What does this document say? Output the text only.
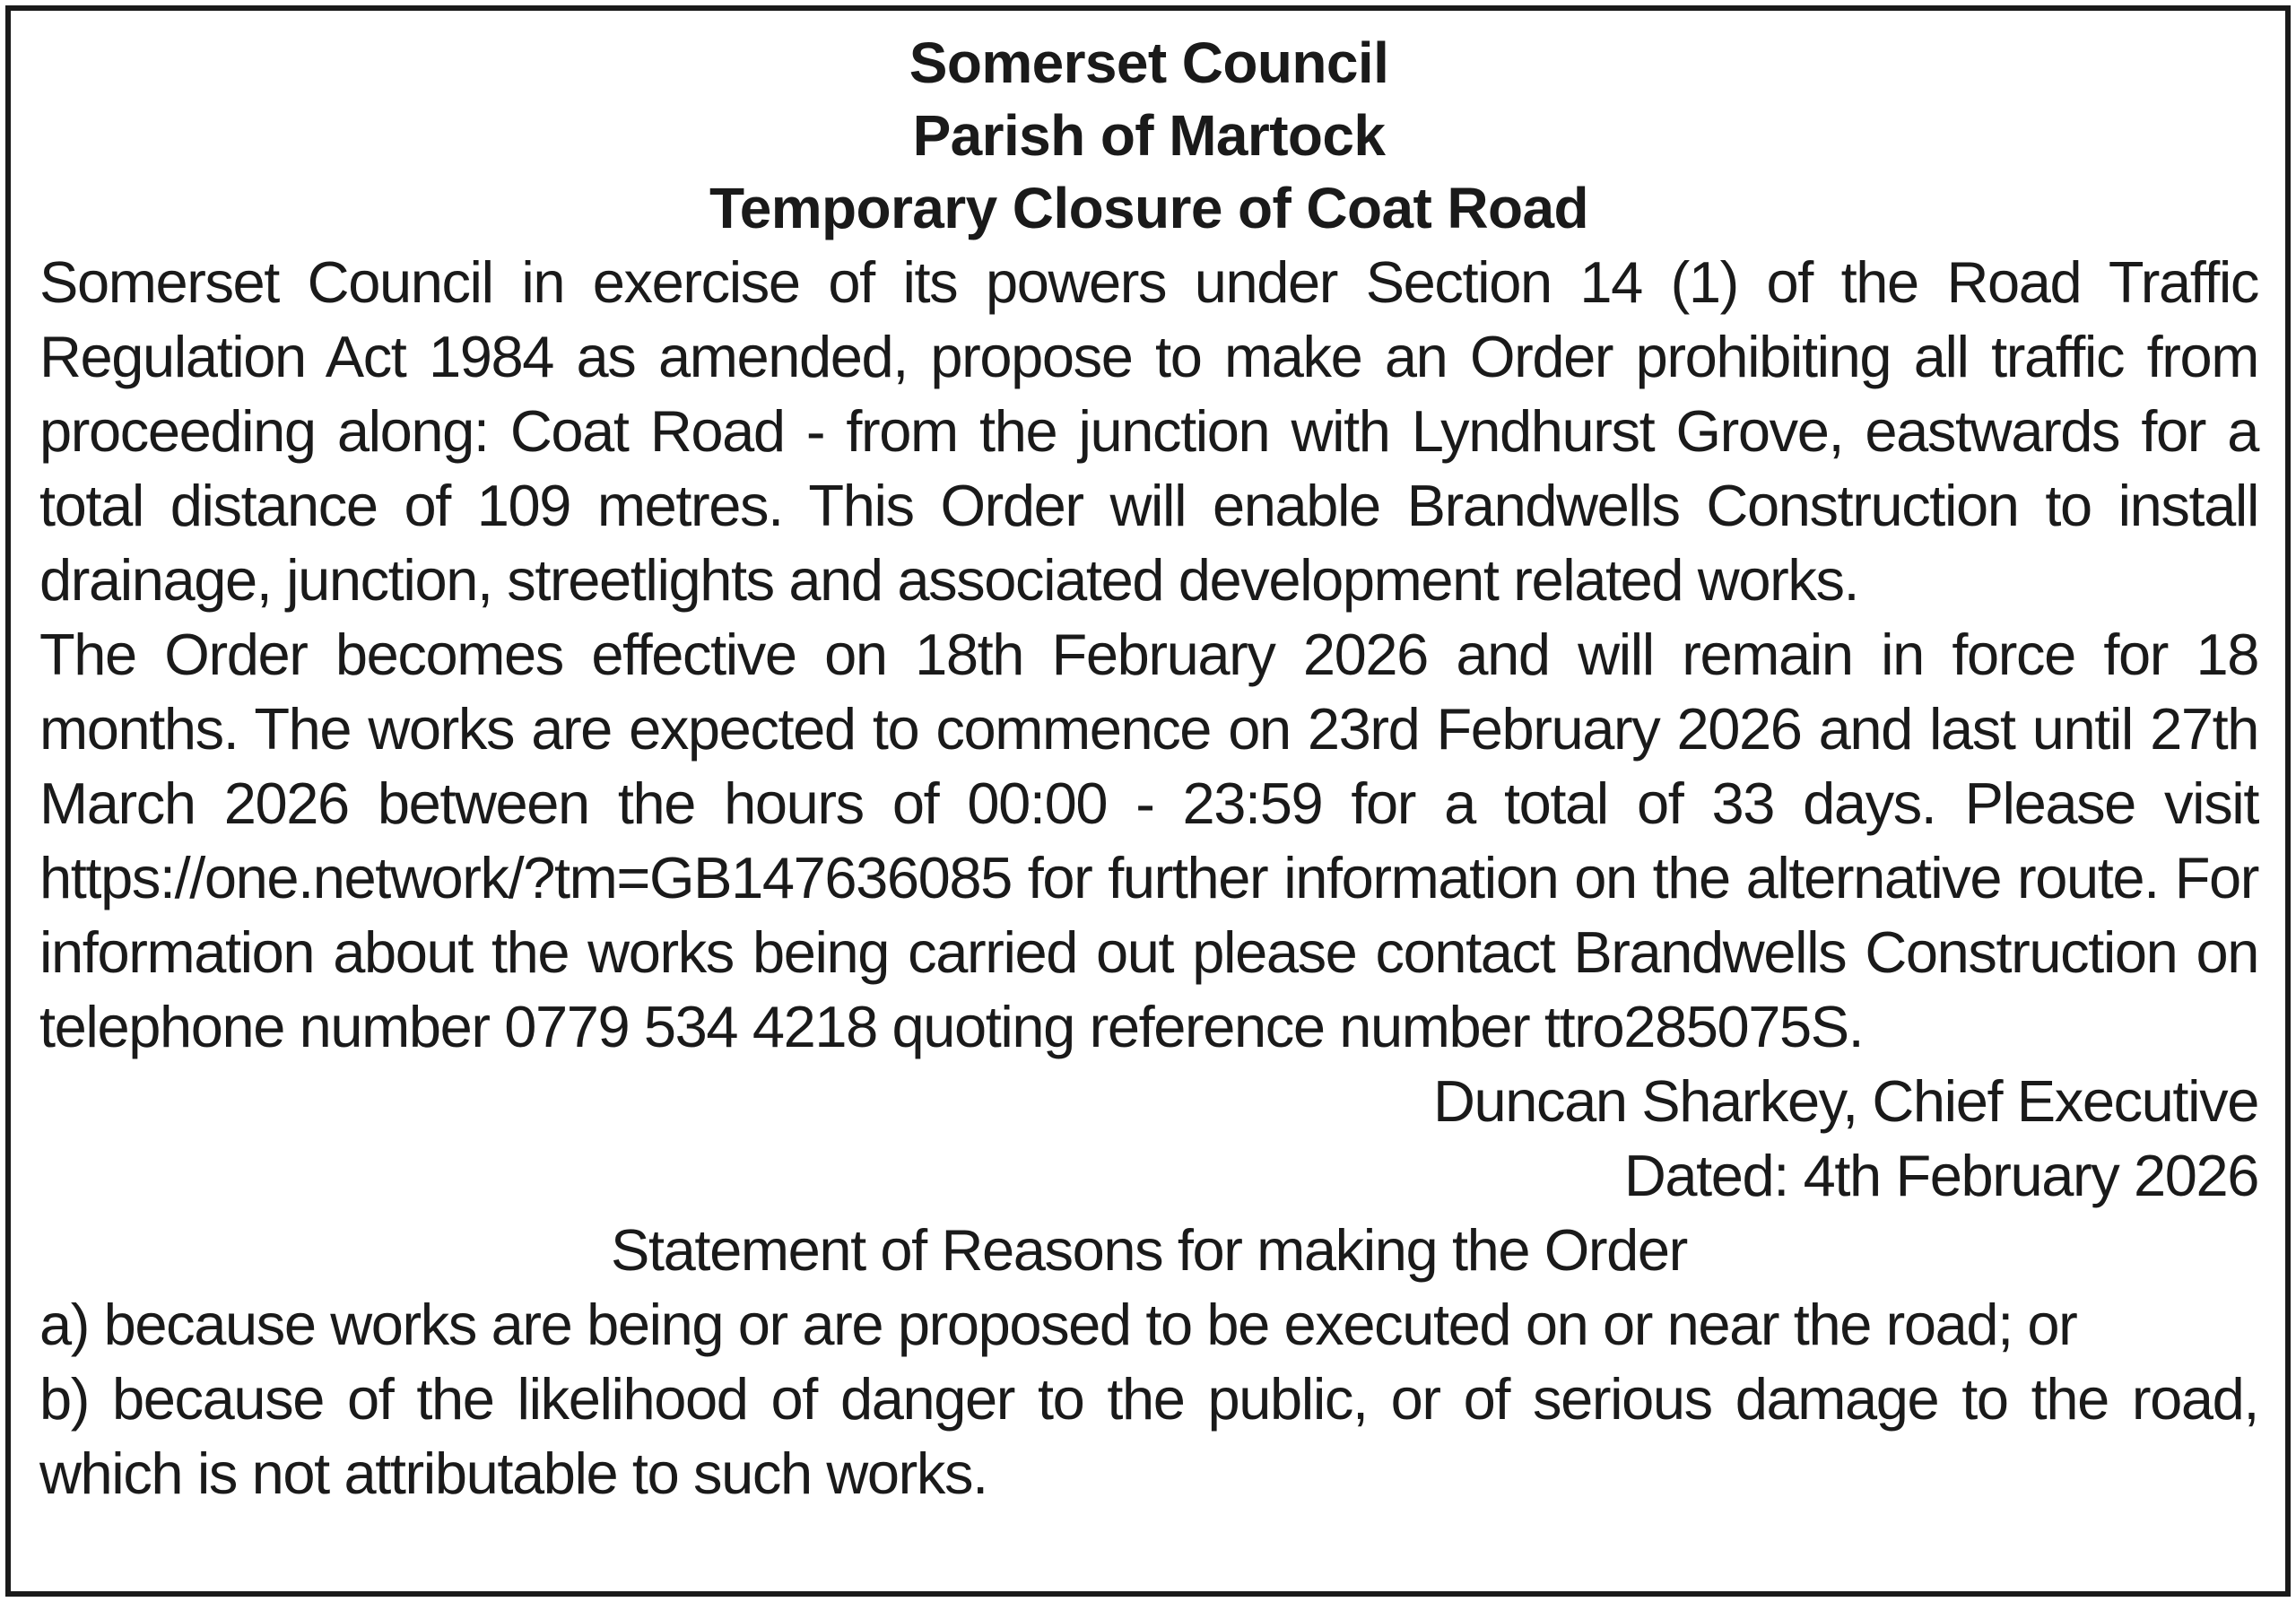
Somerset Council

Parish of Martock

Temporary Closure of Coat Road

Somerset Council in exercise of its powers under Section 14 (1) of the Road Traffic Regulation Act 1984 as amended, propose to make an Order prohibiting all traffic from proceeding along: Coat Road - from the junction with Lyndhurst Grove, eastwards for a total distance of 109 metres. This Order will enable Brandwells Construction to install drainage, junction, streetlights and associated development related works.

The Order becomes effective on 18th February 2026 and will remain in force for 18 months. The works are expected to commence on 23rd February 2026 and last until 27th March 2026 between the hours of 00:00 - 23:59 for a total of 33 days. Please visit https://one.network/?tm=GB147636085 for further information on the alternative route. For information about the works being carried out please contact Brandwells Construction on telephone number 0779 534 4218 quoting reference number ttro285075S.

Duncan Sharkey, Chief Executive

Dated: 4th February 2026

Statement of Reasons for making the Order

a) because works are being or are proposed to be executed on or near the road; or

b) because of the likelihood of danger to the public, or of serious damage to the road, which is not attributable to such works.
